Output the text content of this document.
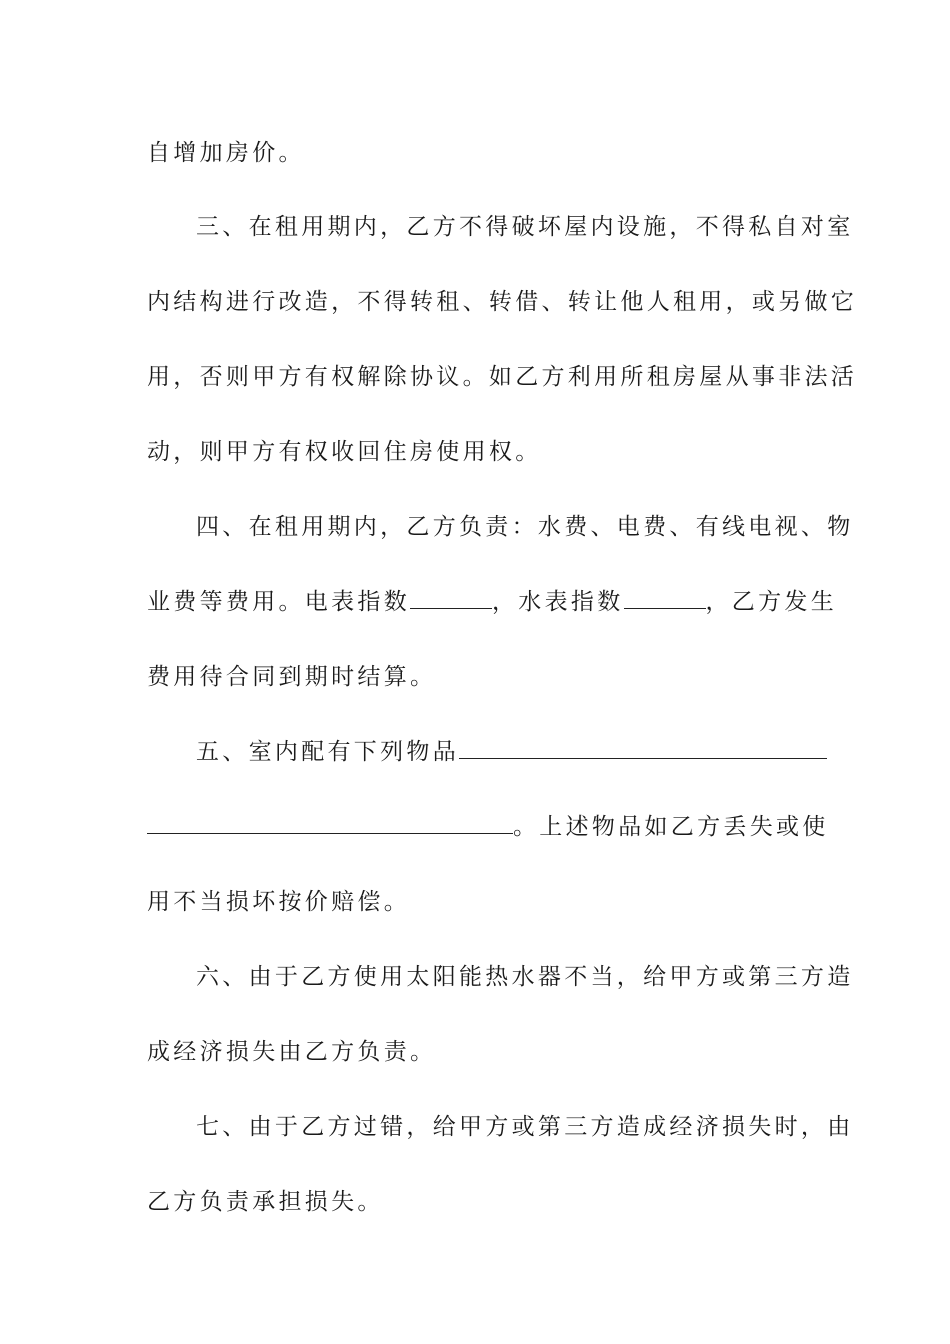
自增加房价。
三、在租用期内，乙方不得破坏屋内设施，不得私自对室
内结构进行改造，不得转租、转借、转让他人租用，或另做它
用，否则甲方有权解除协议。如乙方利用所租房屋从事非法活
动，则甲方有权收回住房使用权。
四、在租用期内，乙方负责：水费、电费、有线电视、物
业费等费用。电表指数	，水表指数	，乙方发生
费用待合同到期时结算。
五、室内配有下列物品
。上述物品如乙方丢失或使
用不当损坏按价赔偿。
六、由于乙方使用太阳能热水器不当，给甲方或第三方造
成经济损失由乙方负责。
七、由于乙方过错，给甲方或第三方造成经济损失时，由
乙方负责承担损失。
